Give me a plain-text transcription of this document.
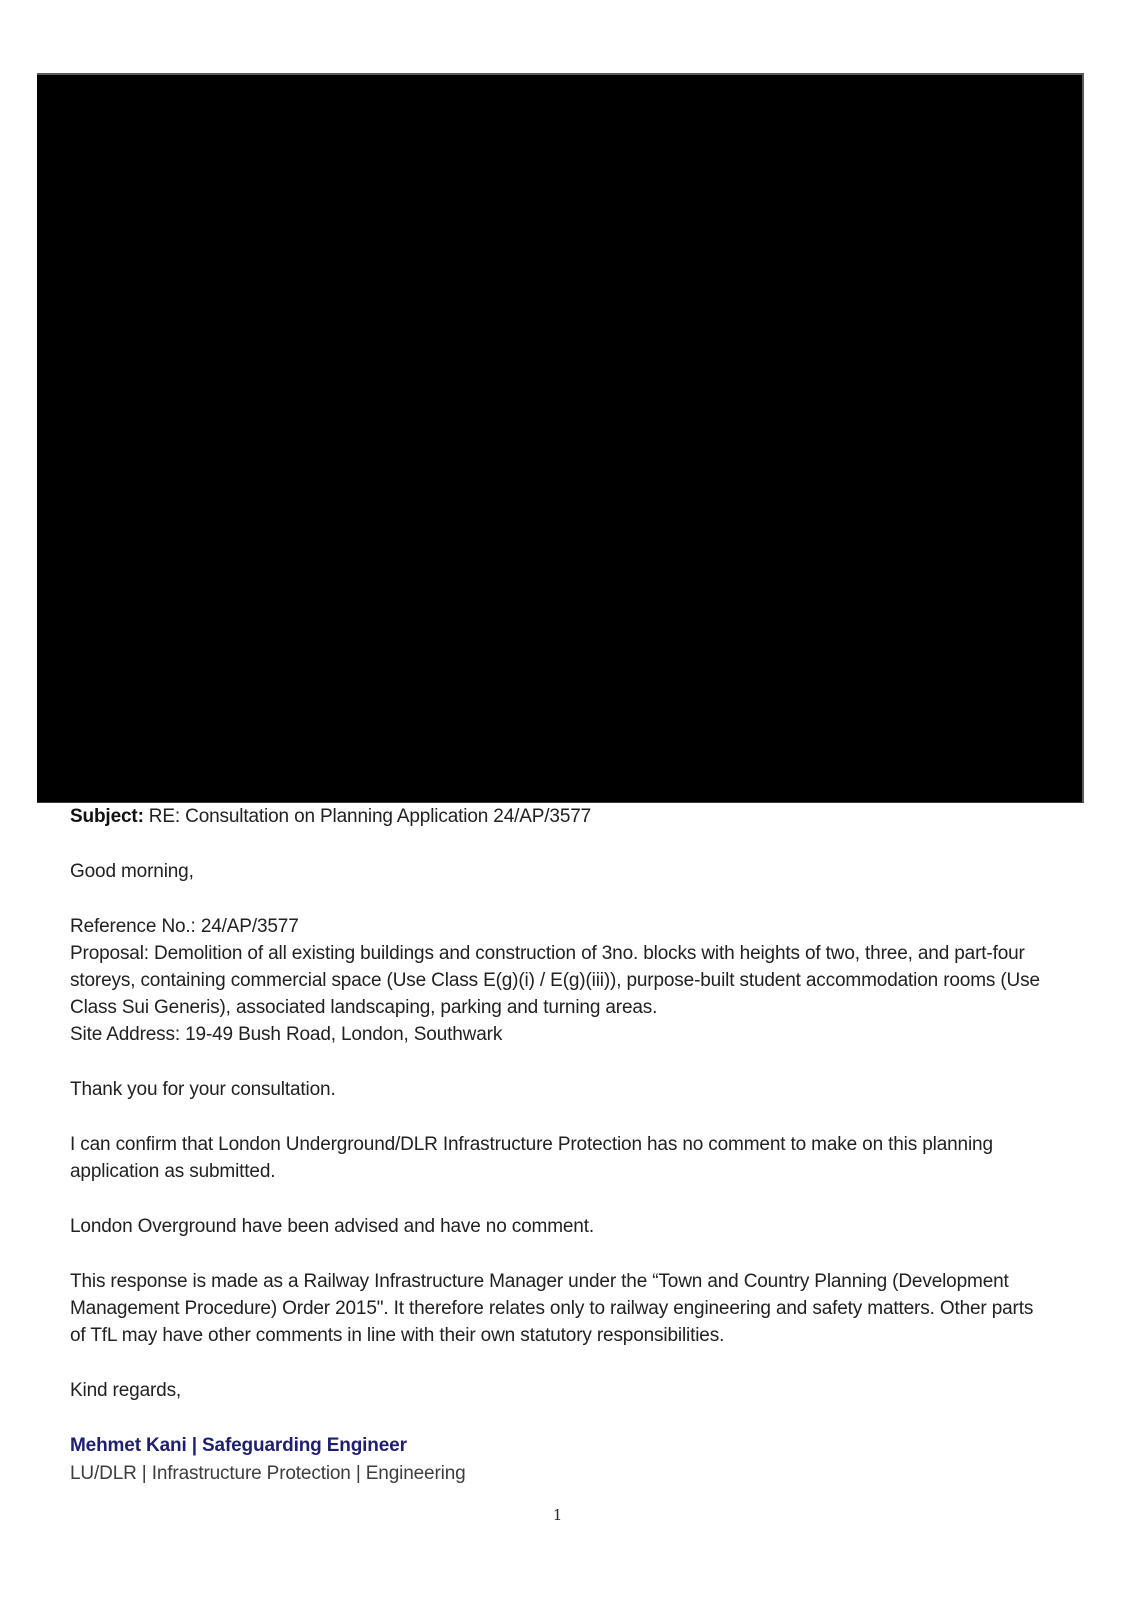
Subject: RE: Consultation on Planning Application 24/AP/3577

Good morning,

Reference No.: 24/AP/3577

Proposal: Demolition of all existing buildings and construction of 3no. blocks with heights of two, three, and part-four storeys, containing commercial space (Use Class E(g)(i) / E(g)(iii)), purpose-built student accommodation rooms (Use Class Sui Generis), associated landscaping, parking and turning areas.

Site Address: 19-49 Bush Road, London, Southwark

Thank you for your consultation.

I can confirm that London Underground/DLR Infrastructure Protection has no comment to make on this planning application as submitted.

London Overground have been advised and have no comment.

This response is made as a Railway Infrastructure Manager under the “Town and Country Planning (Development Management Procedure) Order 2015". It therefore relates only to railway engineering and safety matters. Other parts of TfL may have other comments in line with their own statutory responsibilities.

Kind regards,

Mehmet Kani | Safeguarding Engineer

LU/DLR | Infrastructure Protection | Engineering

1
